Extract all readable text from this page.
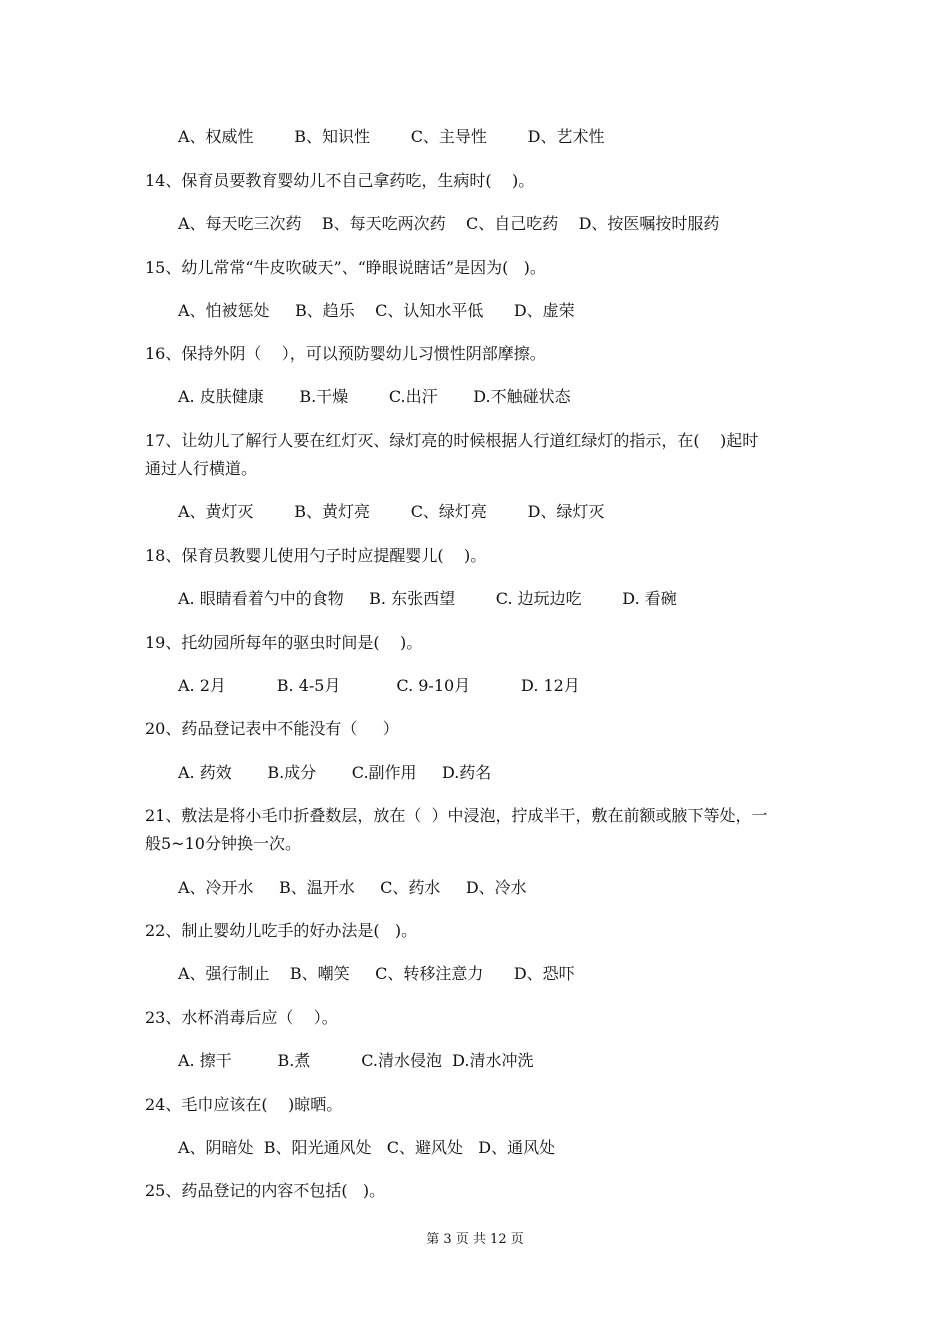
A、权威性        B、知识性        C、主导性        D、艺术性
14、保育员要教育婴幼儿不自己拿药吃，生病时(    )。
A、每天吃三次药    B、每天吃两次药    C、自己吃药    D、按医嘱按时服药
15、幼儿常常“牛皮吹破天”、“睁眼说瞎话”是因为(   )。
A、怕被惩处     B、趋乐    C、认知水平低      D、虚荣
16、保持外阴（    ），可以预防婴幼儿习惯性阴部摩擦。
A. 皮肤健康       B.干燥        C.出汗       D.不触碰状态
17、让幼儿了解行人要在红灯灭、绿灯亮的时候根据人行道红绿灯的指示，在(    )起时
通过人行横道。
A、黄灯灭        B、黄灯亮        C、绿灯亮        D、绿灯灭
18、保育员教婴儿使用勺子时应提醒婴儿(    )。
A. 眼睛看着勺中的食物     B. 东张西望        C. 边玩边吃        D. 看碗
19、托幼园所每年的驱虫时间是(    )。
A. 2月          B. 4-5月           C. 9-10月          D. 12月
20、药品登记表中不能没有（     ）
A. 药效       B.成分       C.副作用     D.药名
21、敷法是将小毛巾折叠数层，放在（  ）中浸泡，拧成半干，敷在前额或腋下等处，一
般5~10分钟换一次。
A、冷开水     B、温开水     C、药水     D、冷水
22、制止婴幼儿吃手的好办法是(   )。
A、强行制止    B、嘲笑     C、转移注意力      D、恐吓
23、水杯消毒后应（    ）。
A. 擦干         B.煮          C.清水侵泡  D.清水冲洗
24、毛巾应该在(    )晾晒。
A、阴暗处  B、阳光通风处   C、避风处   D、通风处
25、药品登记的内容不包括(   )。
第 3 页 共 12 页
